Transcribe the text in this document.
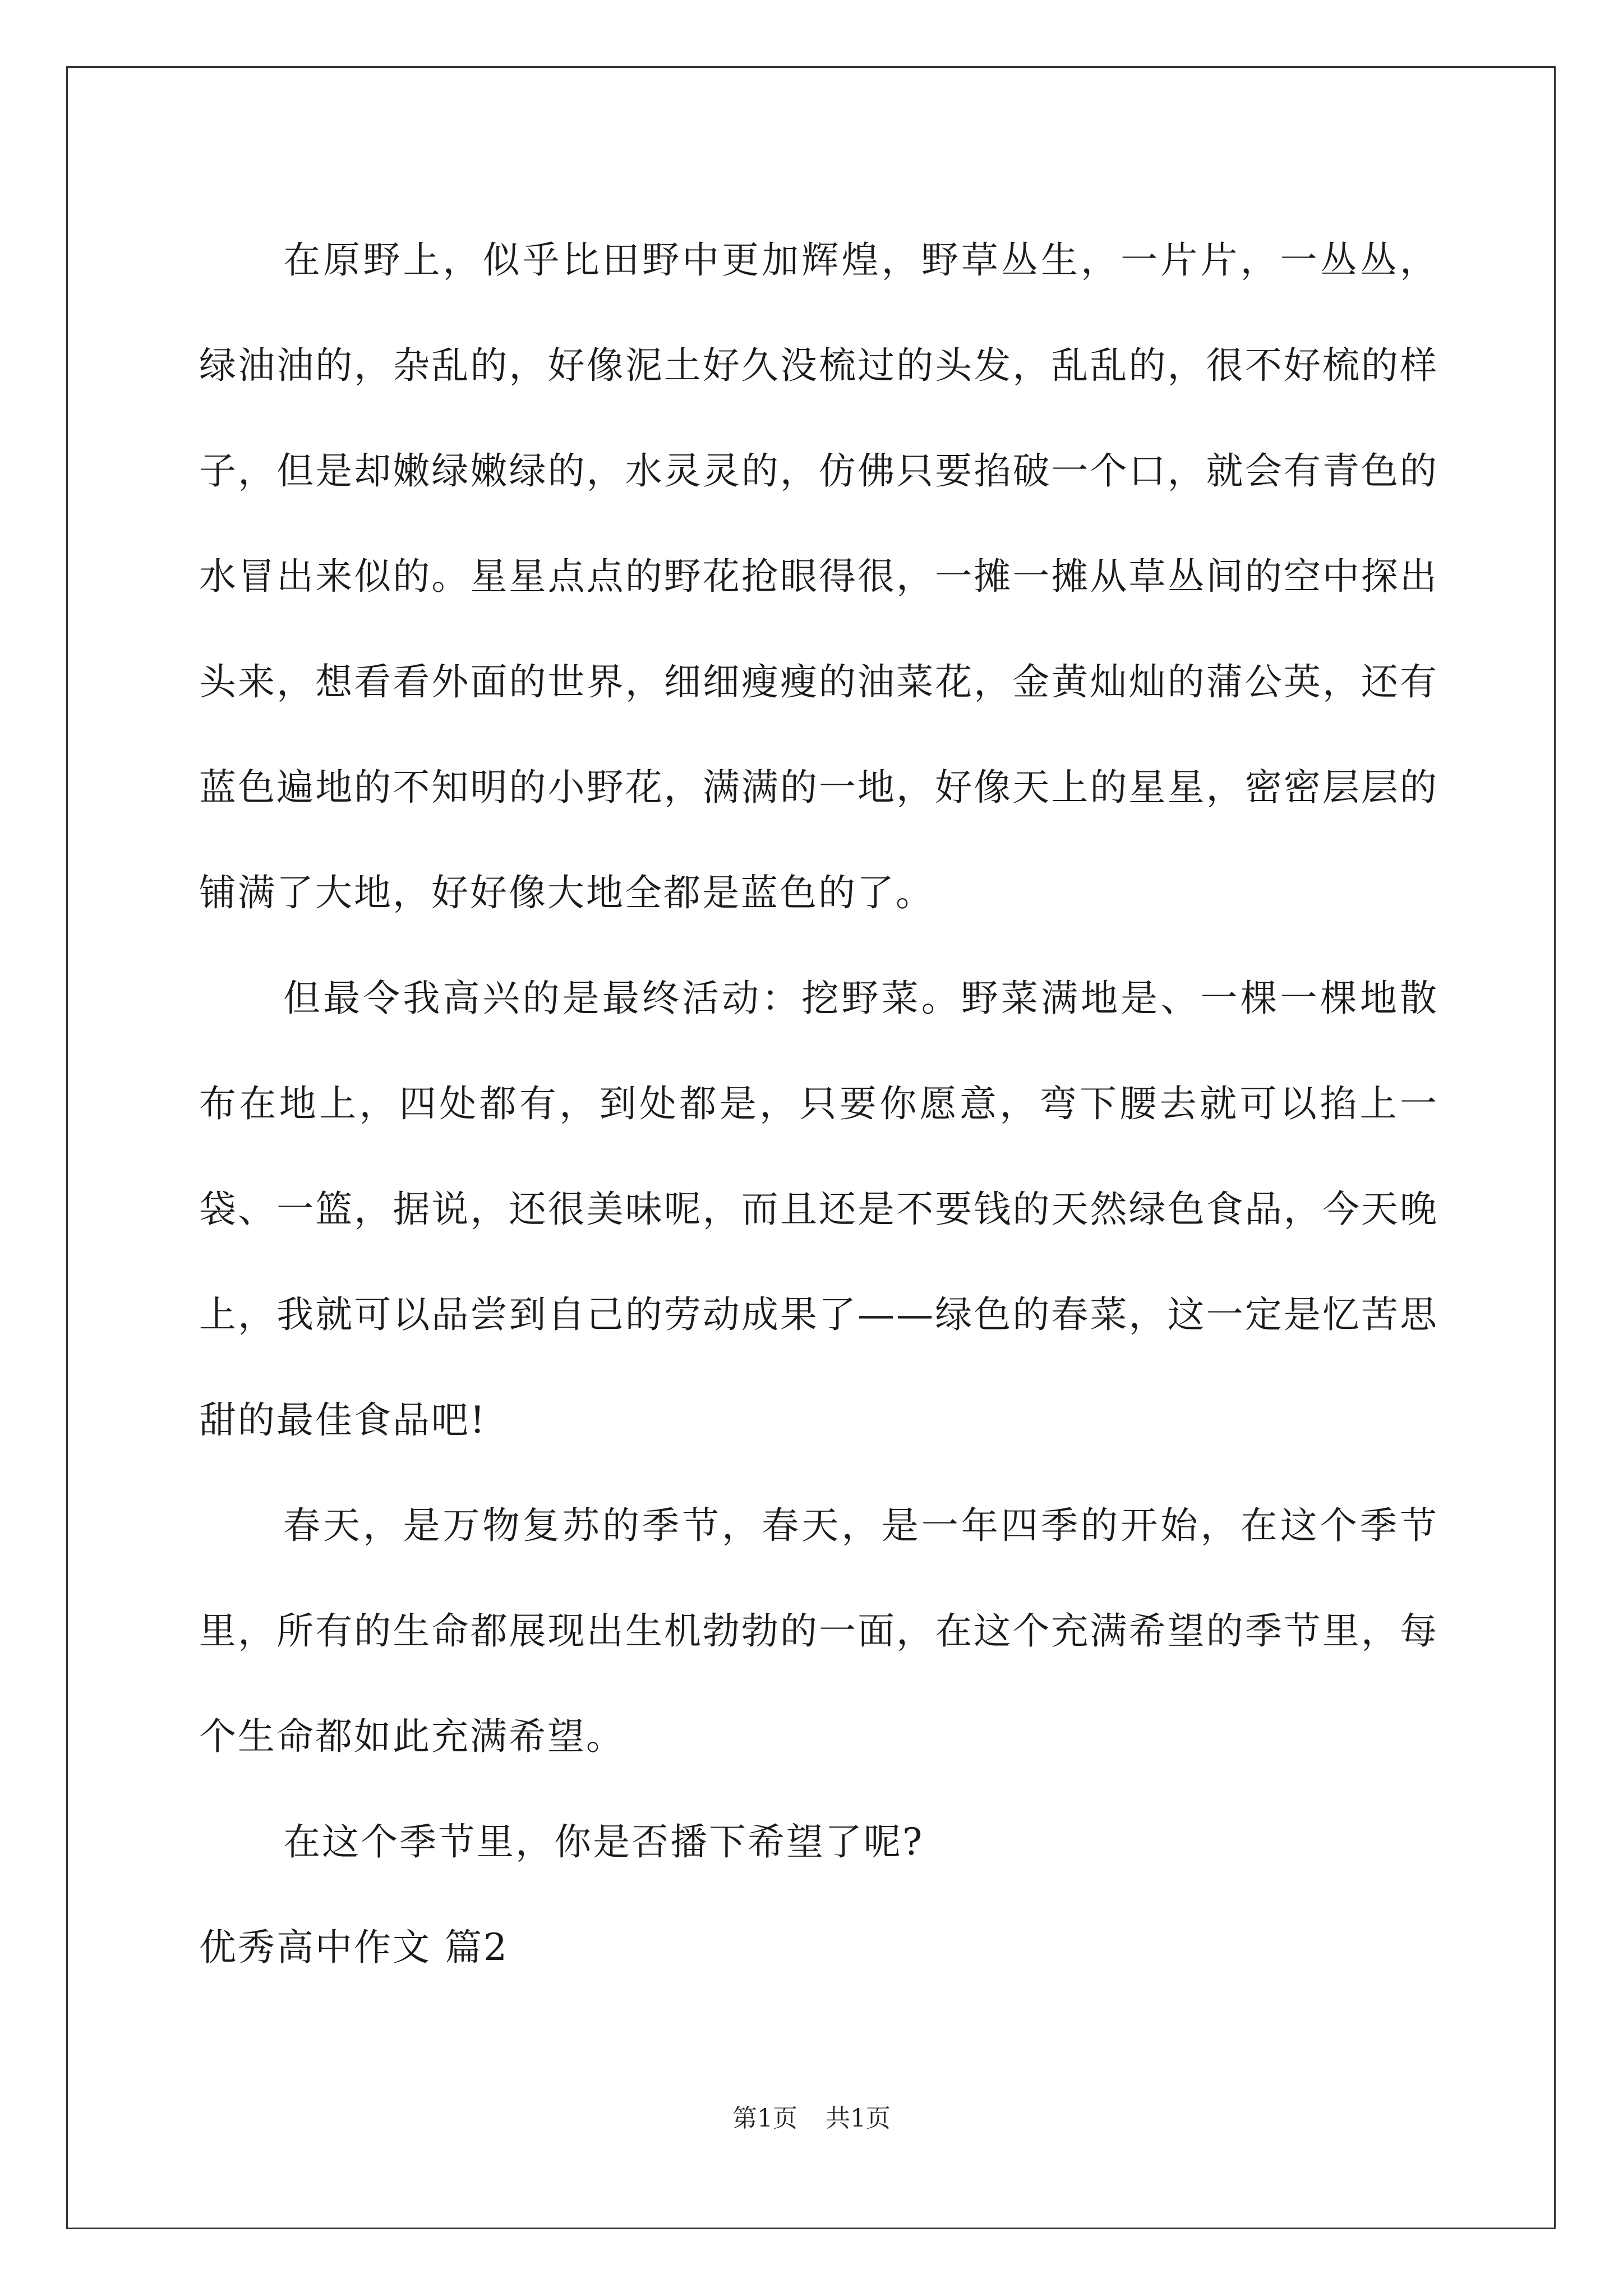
在原野上，似乎比田野中更加辉煌，野草丛生，一片片，一丛丛，绿油油的，杂乱的，好像泥土好久没梳过的头发，乱乱的，很不好梳的样子，但是却嫩绿嫩绿的，水灵灵的，仿佛只要掐破一个口，就会有青色的水冒出来似的。星星点点的野花抢眼得很，一摊一摊从草丛间的空中探出头来，想看看外面的世界，细细瘦瘦的油菜花，金黄灿灿的蒲公英，还有蓝色遍地的不知明的小野花，满满的一地，好像天上的星星，密密层层的铺满了大地，好好像大地全都是蓝色的了。

但最令我高兴的是最终活动：挖野菜。野菜满地是、一棵一棵地散布在地上，四处都有，到处都是，只要你愿意，弯下腰去就可以掐上一袋、一篮，据说，还很美味呢，而且还是不要钱的天然绿色食品，今天晚上，我就可以品尝到自己的劳动成果了——绿色的春菜，这一定是忆苦思甜的最佳食品吧!

春天，是万物复苏的季节，春天，是一年四季的开始，在这个季节里，所有的生命都展现出生机勃勃的一面，在这个充满希望的季节里，每个生命都如此充满希望。

在这个季节里，你是否播下希望了呢?

优秀高中作文 篇2

第1页 共1页
